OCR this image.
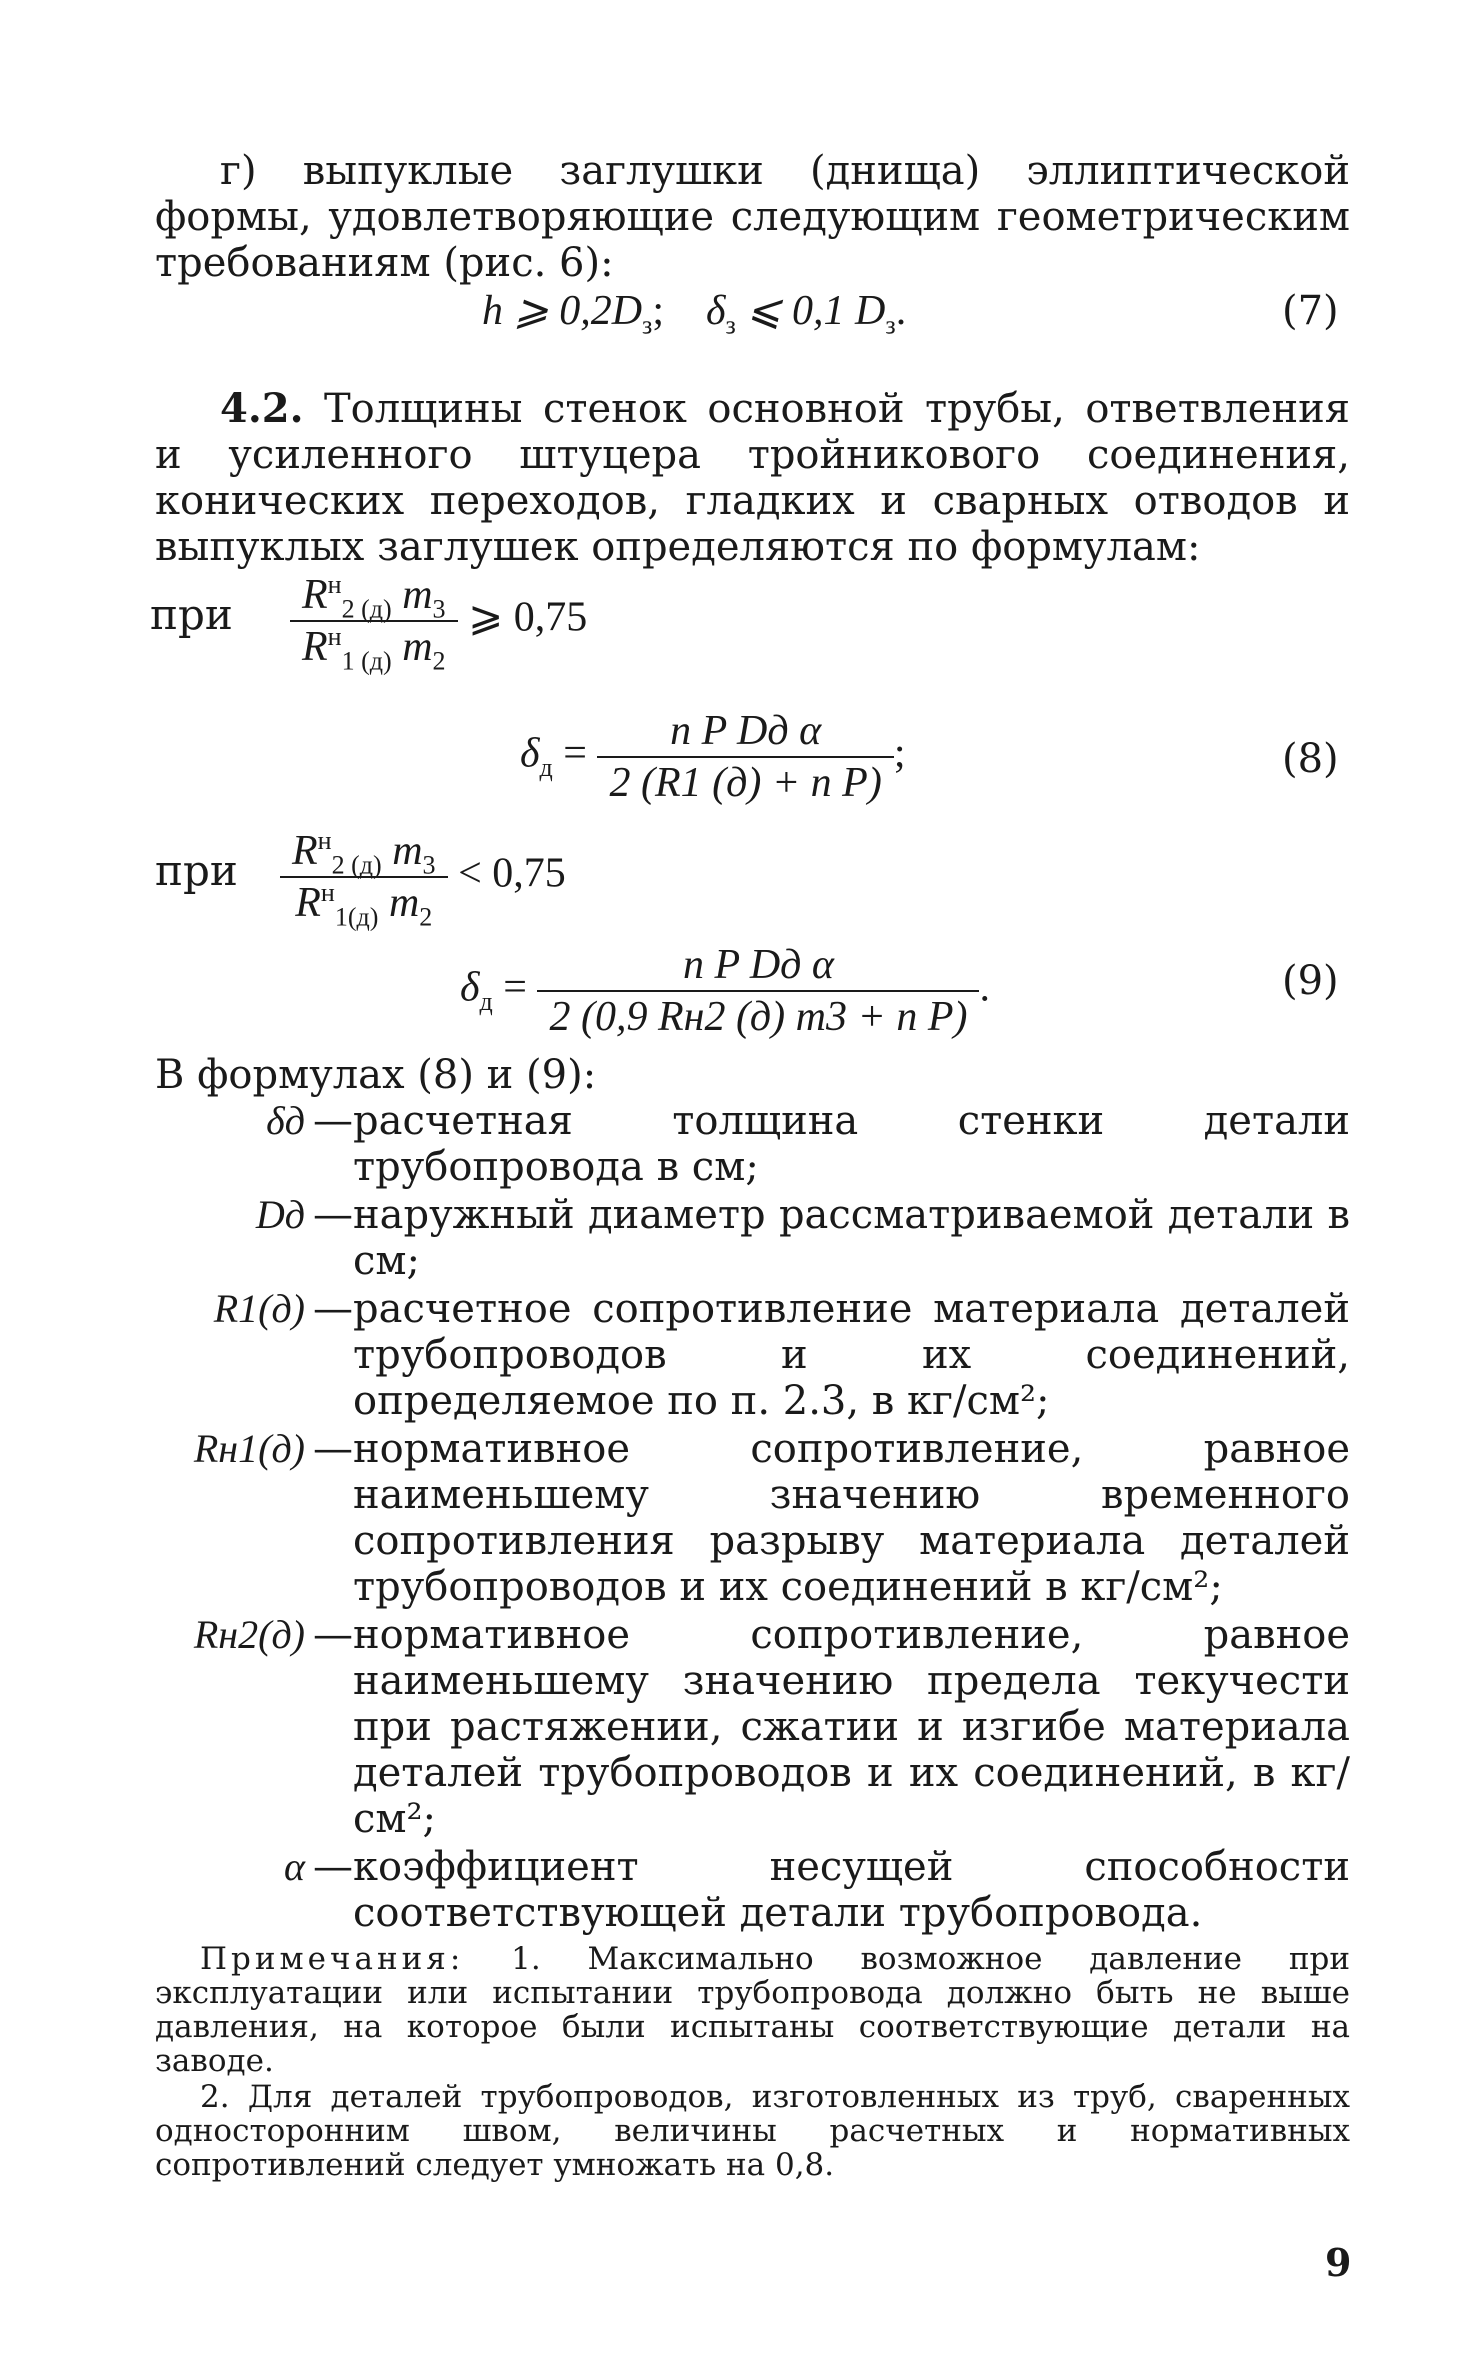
г) выпуклые заглушки (днища) эллиптической формы, удовлетворяющие следующим геометрическим требованиям (рис. 6):
h ⩾ $0,2D_з$;    $\delta_з$ ⩽ 0,1 $D_з$.	(7)
4.2. Толщины стенок основной трубы, ответвления и усиленного штуцера тройникового соединения, конических переходов, гладких и сварных отводов и выпуклых заглушек определяются по формулам:
при $\frac{R^н_{2 (д)} m_3}{R^н_{1 (д)} m_2}$ ⩾ 0,75
$\delta_д = \frac{\text{n P Dд α}}{\text{2 (R1 (д) + n P)}}$ ;	(8)
при $\frac{R^н_{2 (д)} m_3}{R^н_{1(д)} m_2} < 0,75$
$\delta_д = \frac{\text{n P Dд α}}{\text{2 (0,9 Rн2 (д) m3 + n P)}}$ .	(9)
В формулах (8) и (9):
δд — расчетная толщина стенки детали трубопровода в см;
Dд — наружный диаметр рассматриваемой детали в см;
R1(д) — расчетное сопротивление материала деталей трубопроводов и их соединений, определяемое по п. 2.3, в кг/см²;
Rн1(д) — нормативное сопротивление, равное наименьшему значению временного сопротивления разрыву материала деталей трубопроводов и их соединений в кг/см²;
Rн2(д) — нормативное сопротивление, равное наименьшему значению предела текучести при растяжении, сжатии и изгибе материала деталей трубопроводов и их соединений, в кг/см²;
α — коэффициент несущей способности соответствующей детали трубопровода.
Примечания: 1. Максимально возможное давление при эксплуатации или испытании трубопровода должно быть не выше давления, на которое были испытаны соответствующие детали на заводе.
2. Для деталей трубопроводов, изготовленных из труб, сваренных односторонним швом, величины расчетных и нормативных сопротивлений следует умножать на 0,8.
9
